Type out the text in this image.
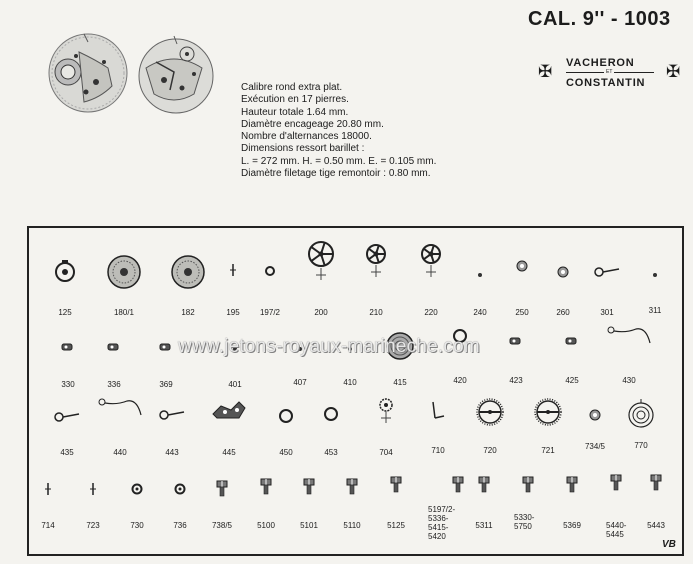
CAL. 9'' - 1003
✠ VACHERON
ET
CONSTANTIN
✠
Calibre rond extra plat.
Exécution en 17 pierres.
Hauteur totale 1.64 mm.
Diamètre encageage 20.80 mm.
Nombre d'alternances 18000.
Dimensions ressort barillet :
L. = 272 mm. H. = 0.50 mm. E. = 0.105 mm.
Diamètre filetage tige remontoir : 0.80 mm.
125	180/1	182	195	197/2	200	210	220	240	250	260	301	311
330	336	369	401	407	410	415	420	423	425	430
435	440	443	445	450	453	704	710	720	721	734/5	770
714	723	730	736	738/5	5100	5101	5110	5125
5197/2-
5336-
5415-
5420
5311
5330-
5750	5369	5440-
5445
5443
www.jetons-royaux-marineche.com
VB
